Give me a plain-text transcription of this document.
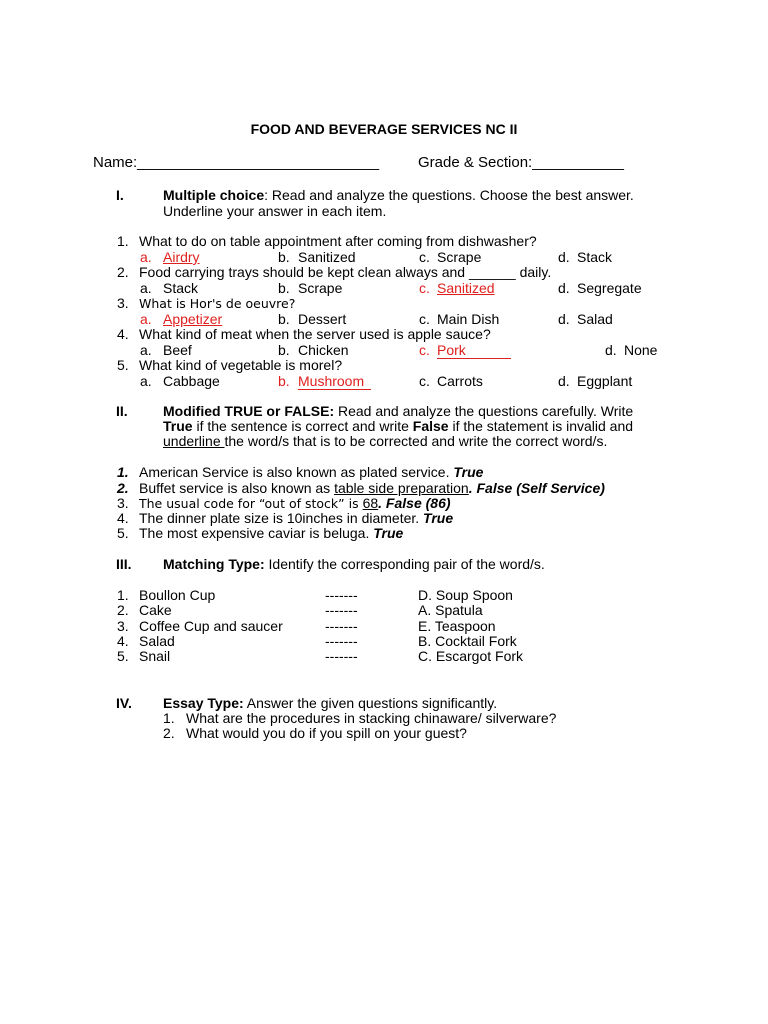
FOOD AND BEVERAGE SERVICES NC II
Name:_____________________________	Grade & Section:___________
I.	Multiple choice: Read and analyze the questions. Choose the best answer.
Underline your answer in each item.
1. What to do on table appointment after coming from dishwasher?
a. Airdry	b. Sanitized	c. Scrape	d. Stack
2. Food carrying trays should be kept clean always and ______ daily.
a. Stack	b. Scrape	c. Sanitized	d. Segregate
3. What is Hor's de oeuvre?
a. Appetizer	b. Dessert	c. Main Dish	d. Salad
4. What kind of meat when the server used is apple sauce?
a. Beef	b. Chicken	c. Pork	d. None
5. What kind of vegetable is morel?
a. Cabbage	b. Mushroom	c. Carrots	d. Eggplant
II.	Modified TRUE or FALSE: Read and analyze the questions carefully. Write
True if the sentence is correct and write False if the statement is invalid and
underline the word/s that is to be corrected and write the correct word/s.
1. American Service is also known as plated service. True
2. Buffet service is also known as table side preparation. False (Self Service)
3. The usual code for “out of stock” is 68. False (86)
4. The dinner plate size is 10inches in diameter. True
5. The most expensive caviar is beluga. True
III. Matching Type: Identify the corresponding pair of the word/s.
1. Boullon Cup	-------	D. Soup Spoon
2. Cake	-------	A. Spatula
3. Coffee Cup and saucer	-------	E. Teaspoon
4. Salad	-------	B. Cocktail Fork
5. Snail	-------	C. Escargot Fork
IV. Essay Type: Answer the given questions significantly.
1. What are the procedures in stacking chinaware/ silverware?
2. What would you do if you spill on your guest?
